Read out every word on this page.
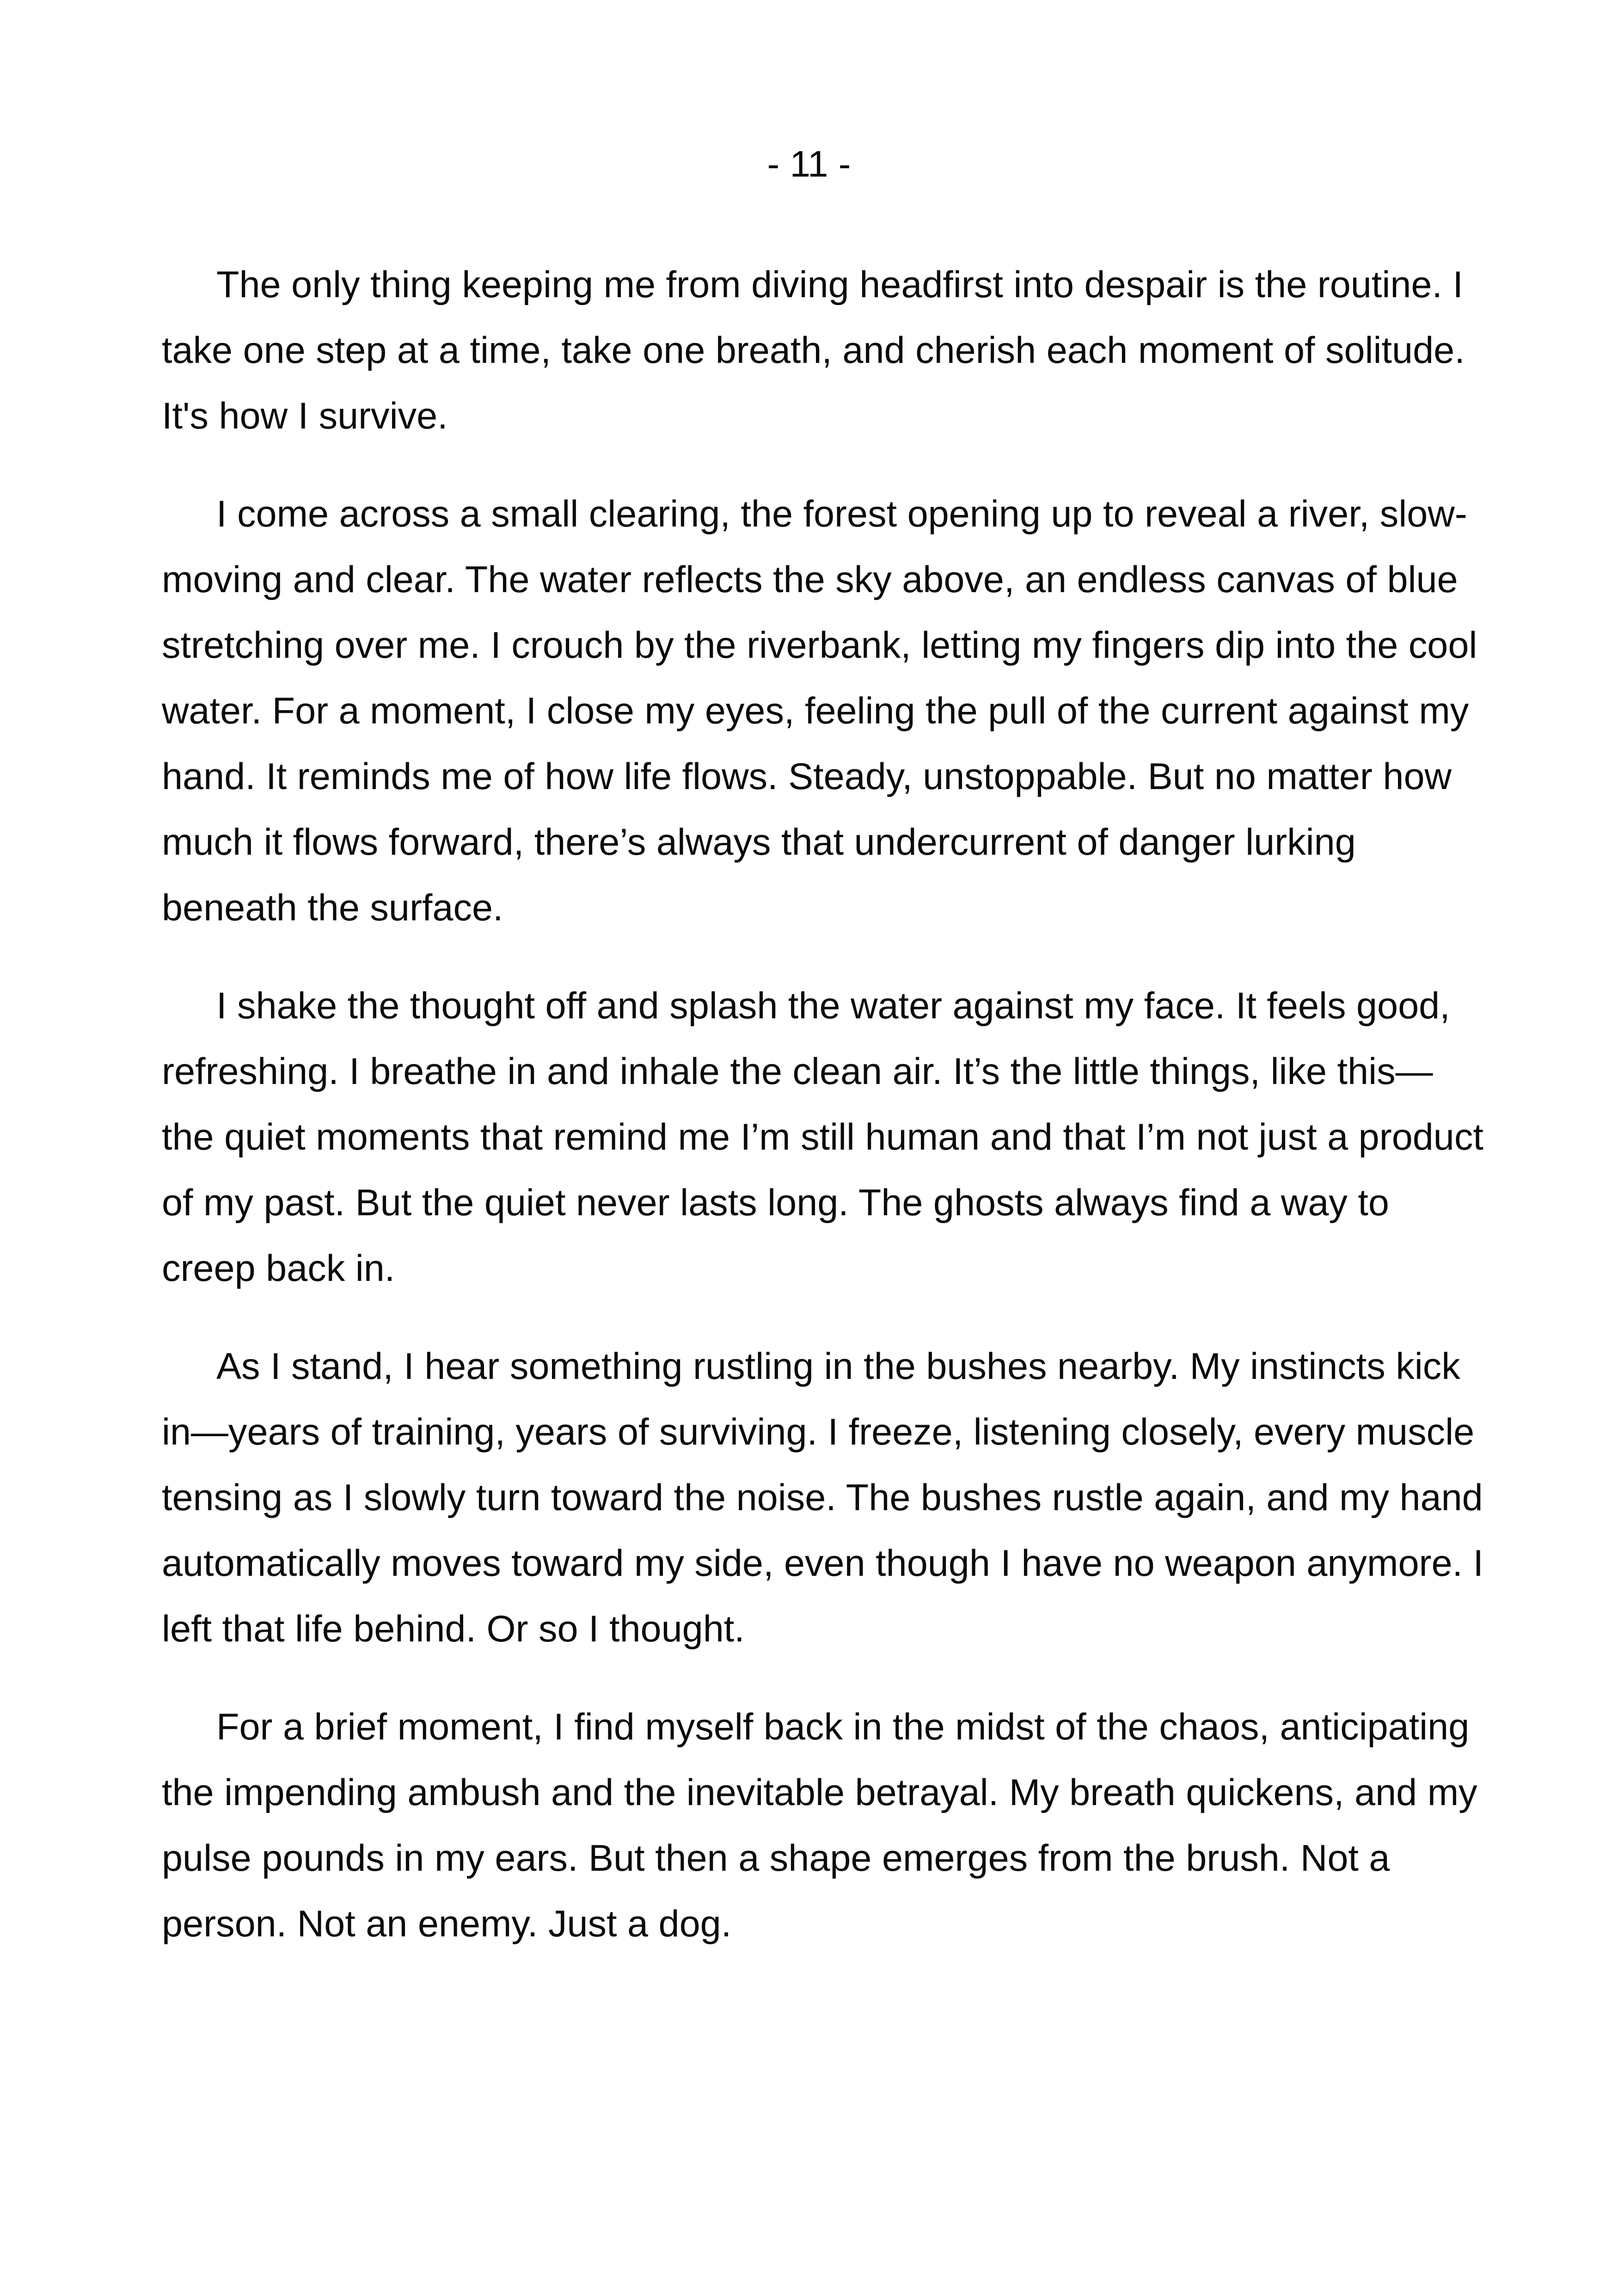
- 11 -

The only thing keeping me from diving headfirst into despair is the routine. I take one step at a time, take one breath, and cherish each moment of solitude. It's how I survive.

I come across a small clearing, the forest opening up to reveal a river, slow-moving and clear. The water reflects the sky above, an endless canvas of blue stretching over me. I crouch by the riverbank, letting my fingers dip into the cool water. For a moment, I close my eyes, feeling the pull of the current against my hand. It reminds me of how life flows. Steady, unstoppable. But no matter how much it flows forward, there’s always that undercurrent of danger lurking beneath the surface.

I shake the thought off and splash the water against my face. It feels good, refreshing. I breathe in and inhale the clean air. It’s the little things, like this—the quiet moments that remind me I’m still human and that I’m not just a product of my past. But the quiet never lasts long. The ghosts always find a way to creep back in.

As I stand, I hear something rustling in the bushes nearby. My instincts kick in—years of training, years of surviving. I freeze, listening closely, every muscle tensing as I slowly turn toward the noise. The bushes rustle again, and my hand automatically moves toward my side, even though I have no weapon anymore. I left that life behind. Or so I thought.

For a brief moment, I find myself back in the midst of the chaos, anticipating the impending ambush and the inevitable betrayal. My breath quickens, and my pulse pounds in my ears. But then a shape emerges from the brush. Not a person. Not an enemy. Just a dog.
